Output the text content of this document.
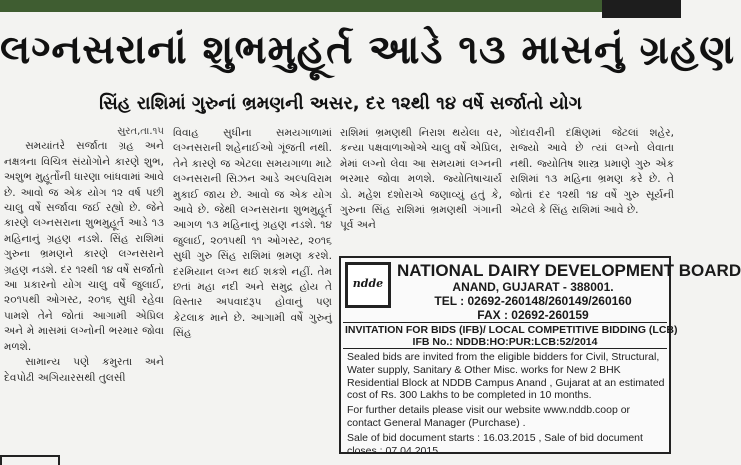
લગ્નસરાનાં શુભમુહૂર્ત આડે ૧૩ માસનું ગ્રહણ
સિંહ રાશિમાં ગુરુનાં ભ્રમણની અસર, દર ૧૨થી ૧૪ વર્ષે સર્જાતો યોગ
સુરત,તા.૧૫

સમયાંતરે સર્જાતા ગ્રહ અને નક્ષત્રના વિચિત્ર સંયોગોને કારણે શુભ, અશુભ મુહૂર્તોની ધારણા બાંધવામાં આવે છે. આવો જ એક યોગ ૧૨ વર્ષ પછી ચાલુ વર્ષે સર્જાવા જઈ રહ્યો છે. જેને કારણે લગ્નસરાના શુભમુહૂર્ત આડે ૧૩ મહિનાનું ગ્રહણ નડશે. સિંહ રાશિમાં ગુરુના ભ્રમણને કારણે લગ્નસરાને ગ્રહણ નડશે. દર ૧૨થી ૧૪ વર્ષે સર્જાતો આ પ્રકારનો યોગ ચાલુ વર્ષે જુલાઈ, ૨૦૧૫થી ઓગસ્ટ, ૨૦૧૬ સુધી રહેવા પામશે તેને જોતાં આગામી એપ્રિલ અને મે માસમાં લગ્નોની ભરમાર જોવા મળશે.

સામાન્ય પણે કમુરતા અને દેવપોઢી અગિયારસથી તુલસી

વિવાહ સુધીના સમયગાળામાં લગ્નસરાની શહેનાઈઓ ગૂંજતી નથી. તેને કારણે જ એટલા સમયગાળા માટે લગ્નસરાની સિઝન આડે અલ્પવિરામ મુકાઈ જાય છે. આવો જ એક યોગ આવે છે. જેથી લગ્નસરાના શુભમુહૂર્ત આગળ ૧૩ મહિનાનું ગ્રહણ નડશે. ૧૪ જુલાઈ, ૨૦૧૫થી ૧૧ ઓગસ્ટ, ૨૦૧૬ સુધી ગુરુ સિંહ રાશિમાં ભ્રમણ કરશે. દરમિયાન લગ્ન થઈ શકશે નહીં. તેમ છતાં મહા નદી અને સમુદ્ર હોય તે વિસ્તાર અપવાદરૂપ હોવાનું પણ કેટલાક માને છે. આગામી વર્ષે ગુરુનું સિંહ

રાશિમાં ભ્રમણથી નિરાશ થયેલા વર, કન્યા પક્ષવાળાઓએ ચાલુ વર્ષે એપ્રિલ, મેમાં લગ્નો લેવા આ સમયમાં લગ્નની ભરમાર જોવા મળશે. જ્યોતિષાચાર્ય ડો. મહેશ દશોરાએ જણાવ્યું હતું કે, ગુરુના સિંહ રાશિમાં ભ્રમણથી ગંગાની પૂર્વ અને

ગોદાવરીની દક્ષિણમાં જેટલાં શહેર, રાજ્યો આવે છે ત્યાં લગ્નો લેવાતા નથી. જ્યોતિષ શાસ્ત્ર પ્રમાણે ગુરુ એક રાશિમાં ૧૩ મહિના ભ્રમણ કરે છે. તે જોતાં દર ૧૨થી ૧૪ વર્ષે ગુરુ સૂર્યની એટલે કે સિંહ રાશિમાં આવે છે.

ndde
NATIONAL DAIRY DEVELOPMENT BOARD
ANAND, GUJARAT - 388001.
TEL : 02692-260148/260149/260160
FAX : 02692-260159
INVITATION FOR BIDS (IFB)/ LOCAL COMPETITIVE BIDDING (LCB)
IFB No.: NDDB:HO:PUR:LCB:52/2014

Sealed bids are invited from the eligible bidders for Civil, Structural, Water supply, Sanitary & Other Misc. works for New 2 BHK Residential Block at NDDB Campus Anand , Gujarat at an estimated cost of Rs. 300 Lakhs to be completed in 10 months.

For further details please visit our website www.nddb.coop or contact General Manager (Purchase) .

Sale of bid document starts : 16.03.2015 , Sale of bid document closes : 07.04.2015
